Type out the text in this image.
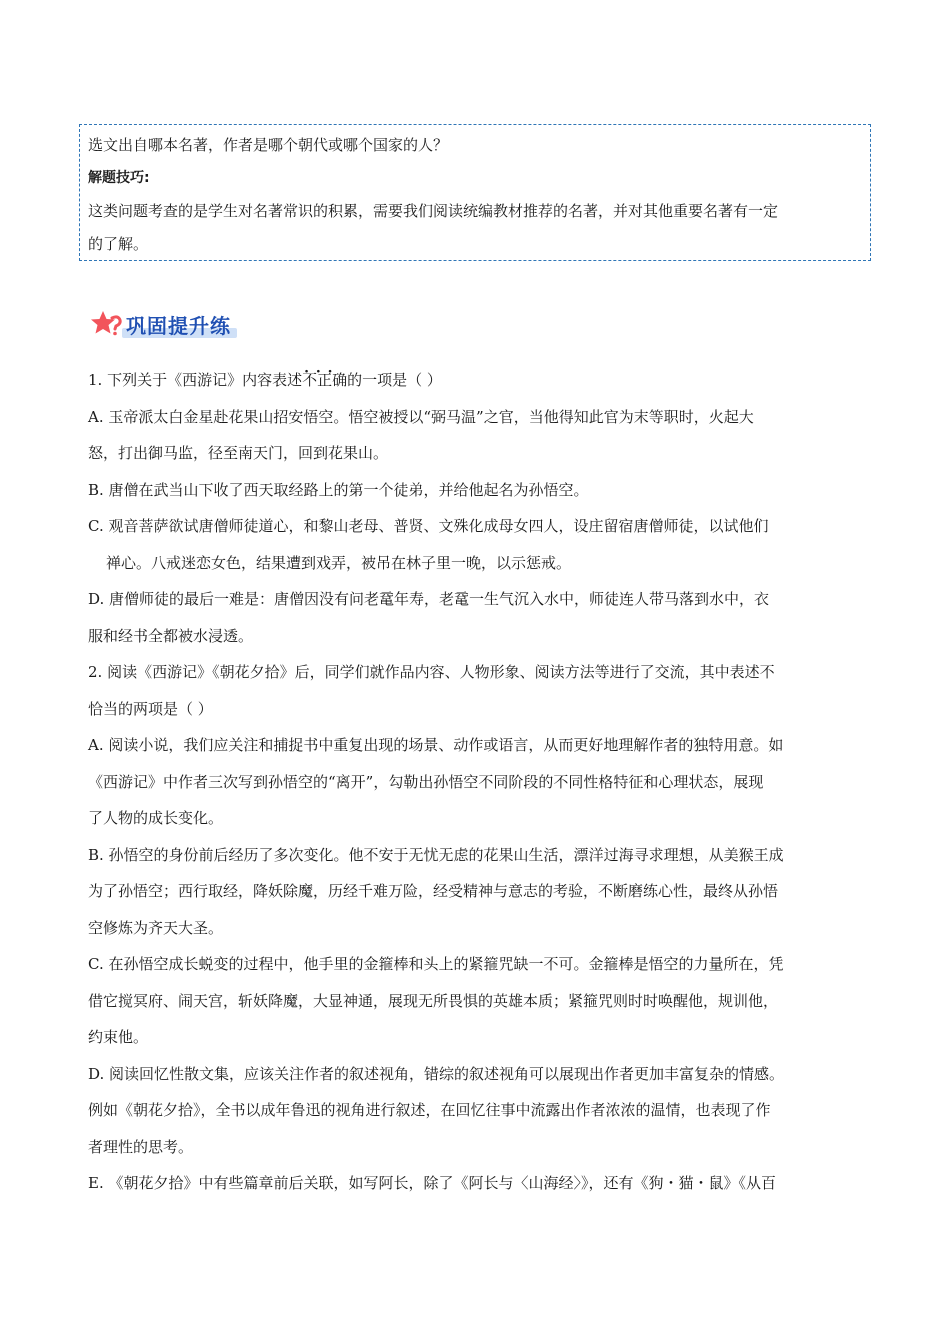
选文出自哪本名著，作者是哪个朝代或哪个国家的人？

解题技巧:

这类问题考查的是学生对名著常识的积累，需要我们阅读统编教材推荐的名著，并对其他重要名著有一定

的了解。

巩固提升练

1. 下列关于《西游记》内容表述· · · 不正确的一项是（ ）

A. 玉帝派太白金星赴花果山招安悟空。悟空被授以“弼马温”之官，当他得知此官为末等职时，火起大

怒，打出御马监，径至南天门，回到花果山。

B. 唐僧在武当山下收了西天取经路上的第一个徒弟，并给他起名为孙悟空。

C. 观音菩萨欲试唐僧师徒道心，和黎山老母、普贤、文殊化成母女四人，设庄留宿唐僧师徒，以试他们

禅心。八戒迷恋女色，结果遭到戏弄，被吊在林子里一晚，以示惩戒。

D. 唐僧师徒的最后一难是：唐僧因没有问老鼋年寿，老鼋一生气沉入水中，师徒连人带马落到水中，衣

服和经书全都被水浸透。

2. 阅读《西游记》《朝花夕拾》后，同学们就作品内容、人物形象、阅读方法等进行了交流，其中表述不

恰当的两项是（ ）

A. 阅读小说，我们应关注和捕捉书中重复出现的场景、动作或语言，从而更好地理解作者的独特用意。如

《西游记》中作者三次写到孙悟空的“离开”，勾勒出孙悟空不同阶段的不同性格特征和心理状态，展现

了人物的成长变化。

B. 孙悟空的身份前后经历了多次变化。他不安于无忧无虑的花果山生活，漂洋过海寻求理想，从美猴王成

为了孙悟空；西行取经，降妖除魔，历经千难万险，经受精神与意志的考验，不断磨练心性，最终从孙悟

空修炼为齐天大圣。

C. 在孙悟空成长蜕变的过程中，他手里的金箍棒和头上的紧箍咒缺一不可。金箍棒是悟空的力量所在，凭

借它搅冥府、闹天宫，斩妖降魔，大显神通，展现无所畏惧的英雄本质；紧箍咒则时时唤醒他，规训他，

约束他。

D. 阅读回忆性散文集，应该关注作者的叙述视角，错综的叙述视角可以展现出作者更加丰富复杂的情感。

例如《朝花夕拾》，全书以成年鲁迅的视角进行叙述，在回忆往事中流露出作者浓浓的温情，也表现了作

者理性的思考。

E. 《朝花夕拾》中有些篇章前后关联，如写阿长，除了《阿长与〈山海经〉》，还有《狗・猫・鼠》《从百
